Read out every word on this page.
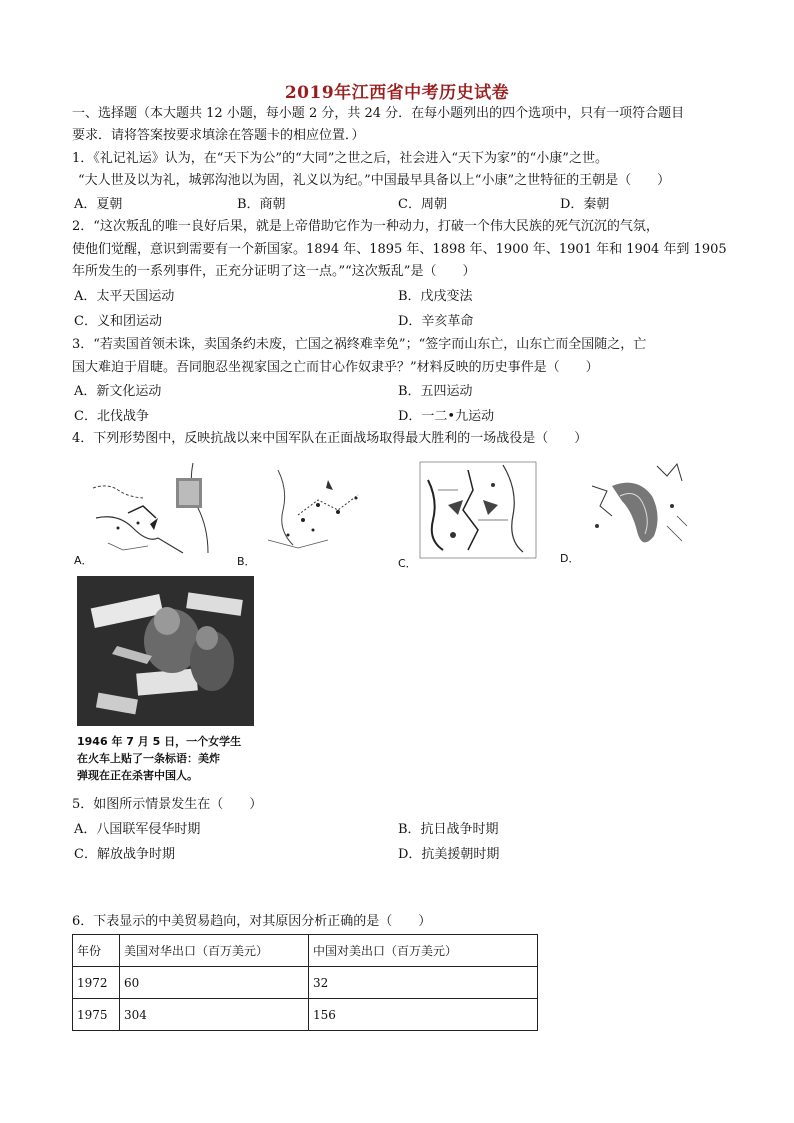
2019年江西省中考历史试卷
一、选择题（本大题共 12 小题，每小题 2 分，共 24 分．在每小题列出的四个选项中，只有一项符合题目
要求．请将答案按要求填涂在答题卡的相应位置．）
1．《礼记礼运》认为，在“天下为公”的“大同”之世之后，社会进入“天下为家”的“小康”之世。
“大人世及以为礼，城郭沟池以为固，礼义以为纪。”中国最早具备以上“小康”之世特征的王朝是（　　）
A．夏朝	B．商朝	C．周朝	D．秦朝
2．“这次叛乱的唯一良好后果，就是上帝借助它作为一种动力，打破一个伟大民族的死气沉沉的气氛，
使他们觉醒，意识到需要有一个新国家。1894 年、1895 年、1898 年、1900 年、1901 年和 1904 年到 1905
年所发生的一系列事件，正充分证明了这一点。”“这次叛乱”是（　　）
A．太平天国运动	B．戊戌变法
C．义和团运动	D．辛亥革命
3．“若卖国首领未诛，卖国条约未废，亡国之祸终难幸免”；“签字而山东亡，山东亡而全国随之，亡
国大难迫于眉睫。吾同胞忍坐视家国之亡而甘心作奴隶乎？”材料反映的历史事件是（　　）
A．新文化运动	B．五四运动
C．北伐战争	D．一二•九运动
4．下列形势图中，反映抗战以来中国军队在正面战场取得最大胜利的一场战役是（　　）
A．	B．	C．	D．
1946 年 7 月 5 日，一个女学生
在火车上贴了一条标语：美炸
弹现在正在杀害中国人。
5．如图所示情景发生在（　　）
A．八国联军侵华时期	B．抗日战争时期
C．解放战争时期	D．抗美援朝时期
6．下表显示的中美贸易趋向，对其原因分析正确的是（　　）
年份	美国对华出口（百万美元）	中国对美出口（百万美元）
1972	60	32
1975	304	156
